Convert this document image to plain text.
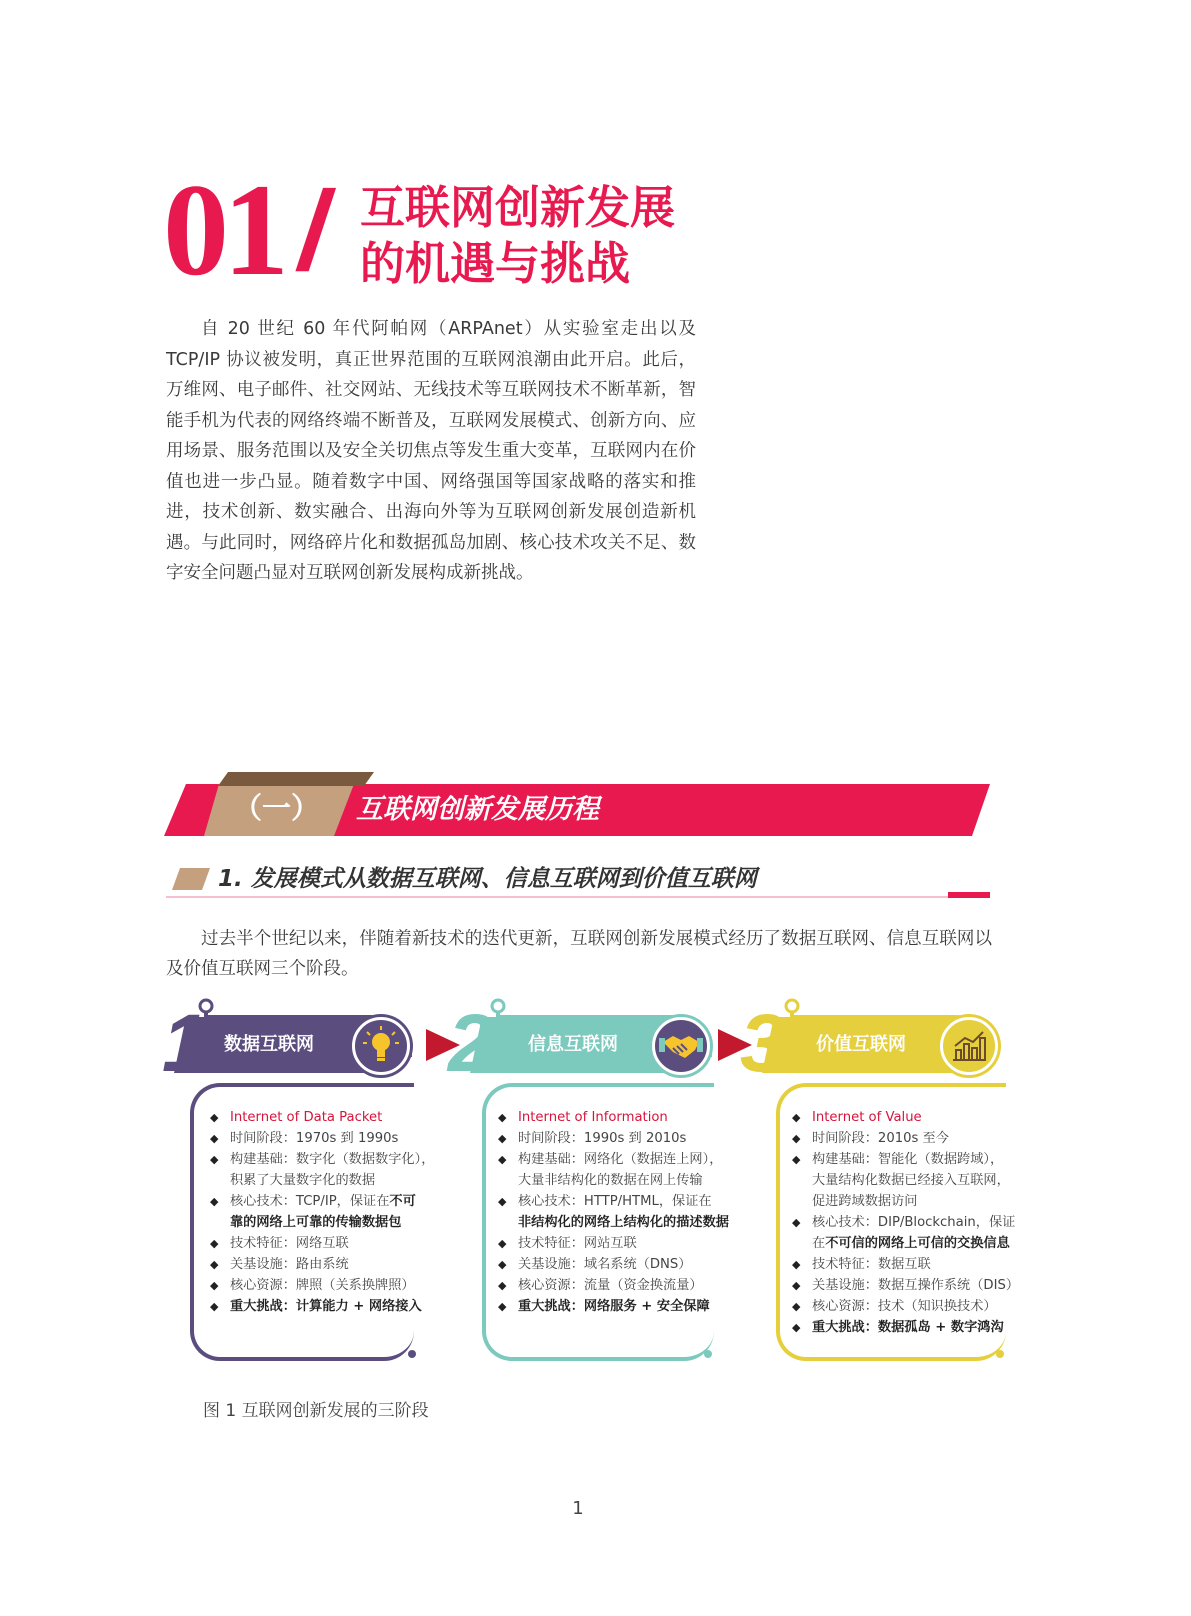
01 / 互联网创新发展
的机遇与挑战
自 20 世纪 60 年代阿帕网（ARPAnet）从实验室走出以及 TCP/IP 协议被发明，真正世界范围的互联网浪潮由此开启。此后，万维网、电子邮件、社交网站、无线技术等互联网技术不断革新，智能手机为代表的网络终端不断普及，互联网发展模式、创新方向、应用场景、服务范围以及安全关切焦点等发生重大变革，互联网内在价值也进一步凸显。随着数字中国、网络强国等国家战略的落实和推进，技术创新、数实融合、出海向外等为互联网创新发展创造新机遇。与此同时，网络碎片化和数据孤岛加剧、核心技术攻关不足、数字安全问题凸显对互联网创新发展构成新挑战。
（一） 互联网创新发展历程
1. 发展模式从数据互联网、信息互联网到价值互联网
过去半个世纪以来，伴随着新技术的迭代更新，互联网创新发展模式经历了数据互联网、信息互联网以及价值互联网三个阶段。
1 数据互联网
◆ Internet of Data Packet
◆ 时间阶段：1970s 到 1990s
◆ 构建基础：数字化（数据数字化），
积累了大量数字化的数据
◆ 核心技术：TCP/IP，保证在不可
靠的网络上可靠的传输数据包
◆ 技术特征：网络互联
◆ 关基设施：路由系统
◆ 核心资源：牌照（关系换牌照）
◆ 重大挑战：计算能力 + 网络接入
2 信息互联网
◆ Internet of Information
◆ 时间阶段：1990s 到 2010s
◆ 构建基础：网络化（数据连上网），
大量非结构化的数据在网上传输
◆ 核心技术：HTTP/HTML，保证在
非结构化的网络上结构化的描述数据
◆ 技术特征：网站互联
◆ 关基设施：域名系统（DNS）
◆ 核心资源：流量（资金换流量）
◆ 重大挑战：网络服务 + 安全保障
3 价值互联网
◆ Internet of Value
◆ 时间阶段：2010s 至今
◆ 构建基础：智能化（数据跨域），
大量结构化数据已经接入互联网，
促进跨域数据访问
◆ 核心技术：DIP/Blockchain，保证
在不可信的网络上可信的交换信息
◆ 技术特征：数据互联
◆ 关基设施：数据互操作系统（DIS）
◆ 核心资源：技术（知识换技术）
◆ 重大挑战：数据孤岛 + 数字鸿沟
图 1 互联网创新发展的三阶段
1
